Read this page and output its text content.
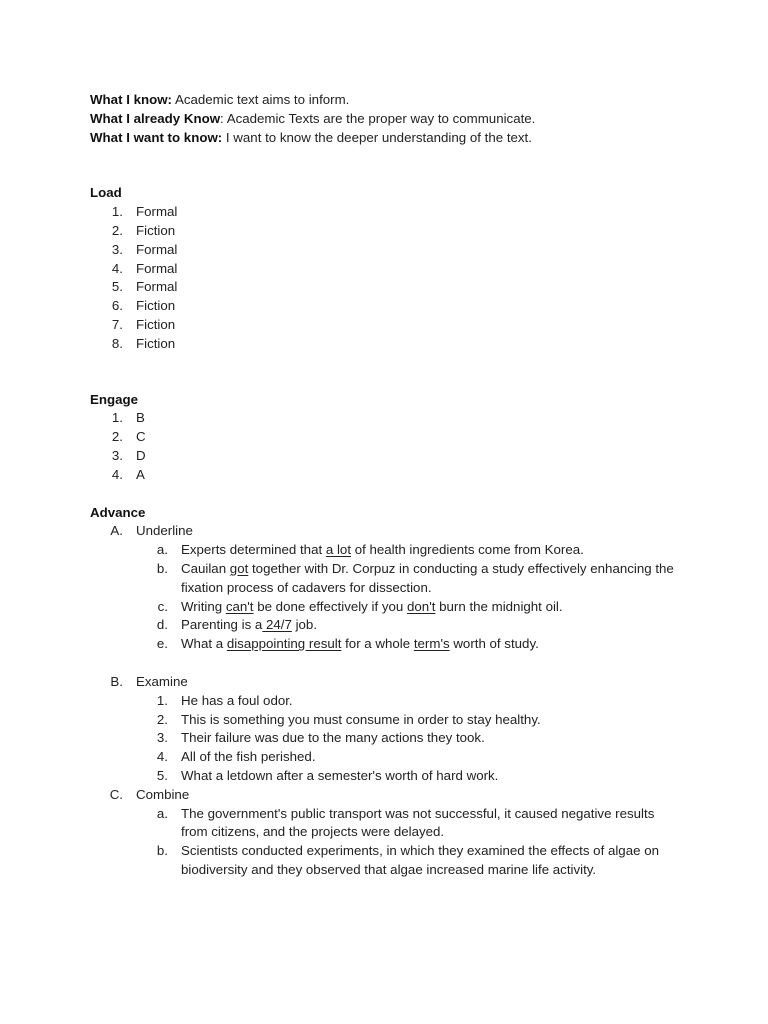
What I know: Academic text aims to inform.
What I already Know: Academic Texts are the proper way to communicate.
What I want to know: I want to know the deeper understanding of the text.
Load
1. Formal
2. Fiction
3. Formal
4. Formal
5. Formal
6. Fiction
7. Fiction
8. Fiction
Engage
1. B
2. C
3. D
4. A
Advance
A. Underline
a. Experts determined that a lot of health ingredients come from Korea.
b. Cauilan got together with Dr. Corpuz in conducting a study effectively enhancing the fixation process of cadavers for dissection.
c. Writing can't be done effectively if you don't burn the midnight oil.
d. Parenting is a 24/7 job.
e. What a disappointing result for a whole term's worth of study.
B. Examine
1. He has a foul odor.
2. This is something you must consume in order to stay healthy.
3. Their failure was due to the many actions they took.
4. All of the fish perished.
5. What a letdown after a semester's worth of hard work.
C. Combine
a. The government's public transport was not successful, it caused negative results from citizens, and the projects were delayed.
b. Scientists conducted experiments, in which they examined the effects of algae on biodiversity and they observed that algae increased marine life activity.
